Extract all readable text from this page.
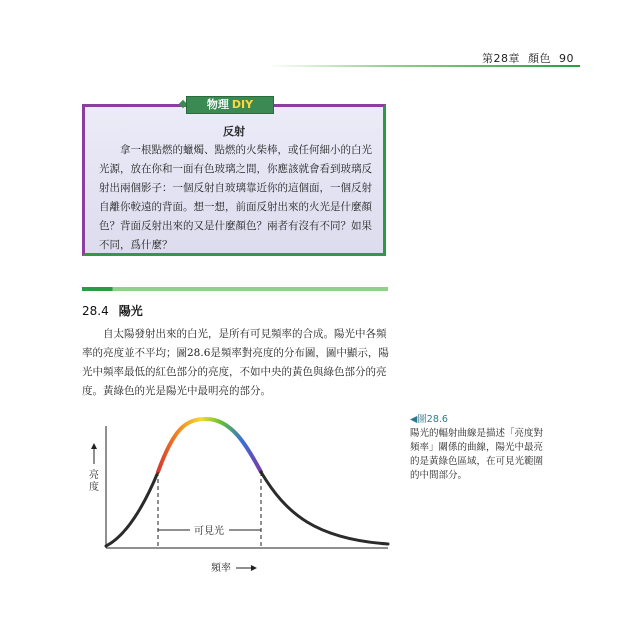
第28章 顏色 90
反射
拿一根點燃的蠟燭、點燃的火柴棒，或任何細小的白光光源，放在你和一面有色玻璃之間，你應該就會看到玻璃反射出兩個影子：一個反射自玻璃靠近你的這個面，一個反射自離你較遠的背面。想一想，前面反射出來的火光是什麼顏色？背面反射出來的又是什麼顏色？兩者有沒有不同？如果不同，爲什麼？
物理 DIY
28.4 陽光
自太陽發射出來的白光，是所有可見頻率的合成。陽光中各頻率的亮度並不平均；圖28.6是頻率對亮度的分布圖，圖中顯示，陽光中頻率最低的紅色部分的亮度，不如中央的黃色與綠色部分的亮度。黃綠色的光是陽光中最明亮的部分。
可見光
亮
度
頻率
◀圖28.6
陽光的輻射曲線是描述「亮度對頻率」關係的曲線，陽光中最亮的是黃綠色區域，在可見光範圍的中間部分。
